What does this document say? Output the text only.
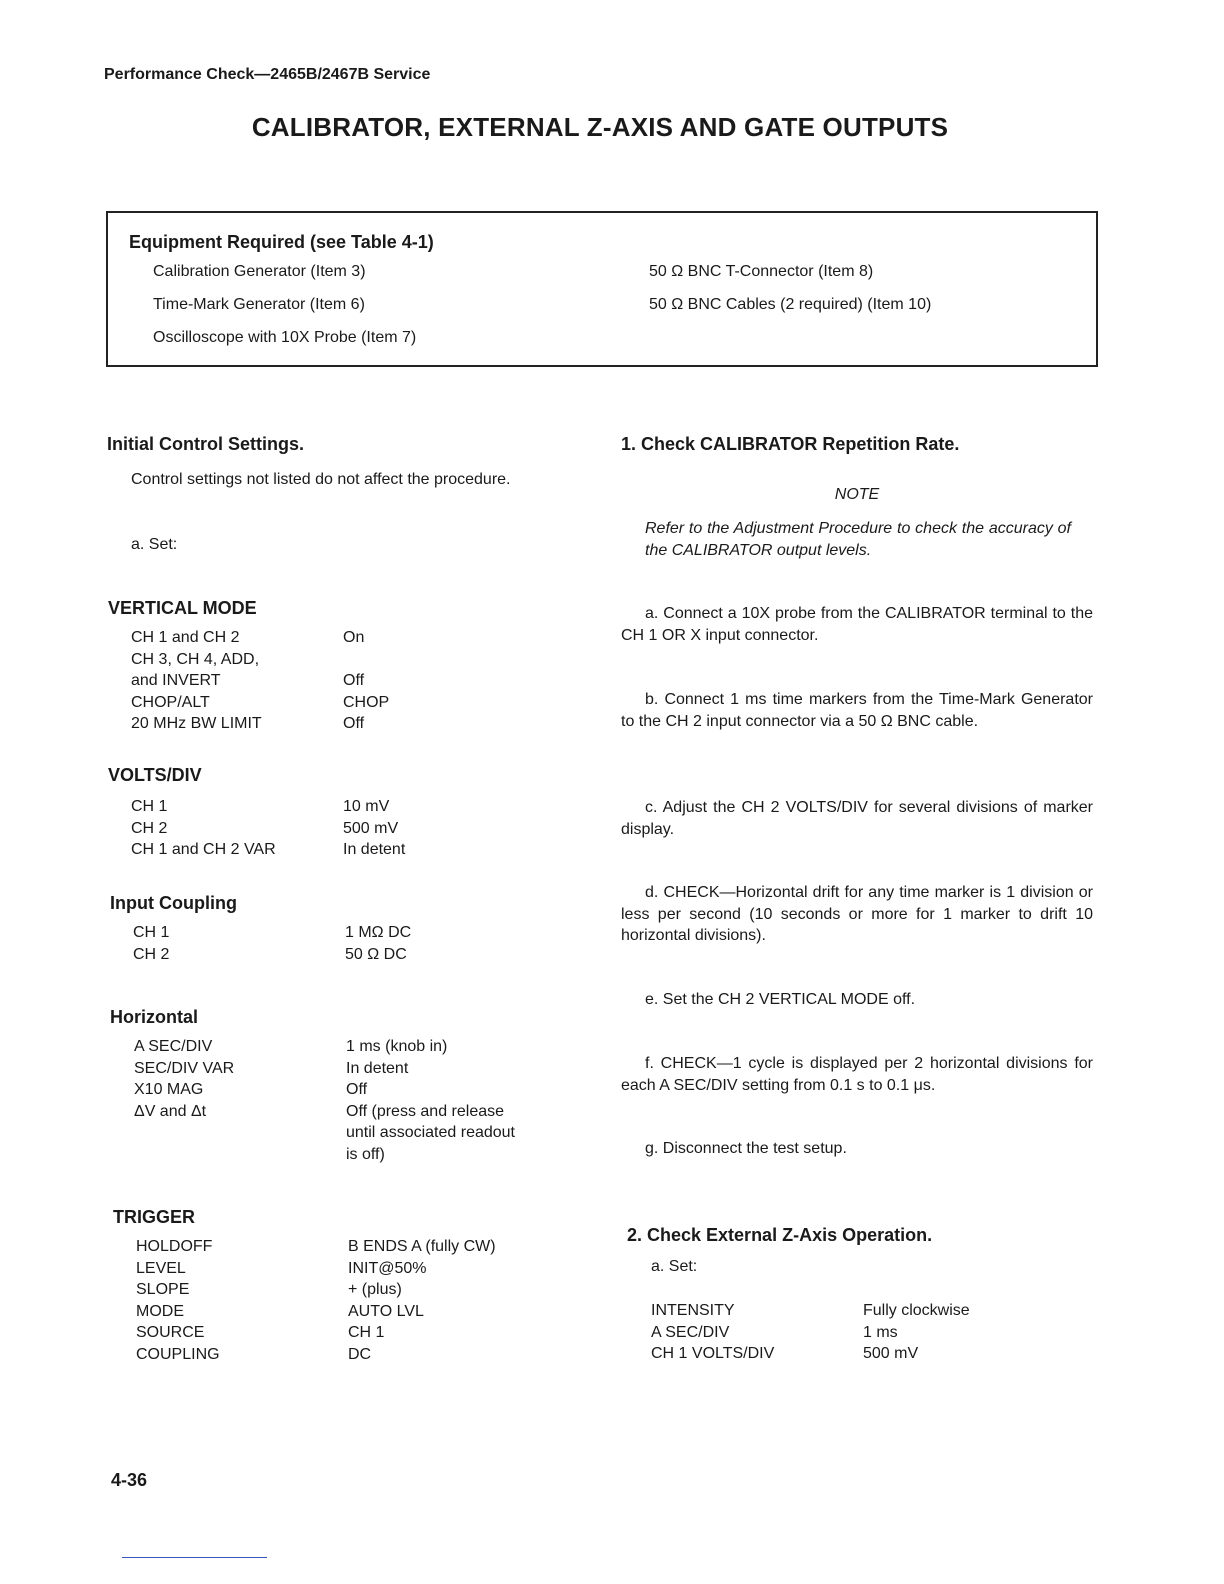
Performance Check—2465B/2467B Service
CALIBRATOR, EXTERNAL Z-AXIS AND GATE OUTPUTS
Equipment Required (see Table 4-1)
Calibration Generator (Item 3)
Time-Mark Generator (Item 6)
Oscilloscope with 10X Probe (Item 7)
50 Ω BNC T-Connector (Item 8)
50 Ω BNC Cables (2 required) (Item 10)
Initial Control Settings.
Control settings not listed do not affect the procedure.
a. Set:
VERTICAL MODE
CH 1 and CH 2	On
CH 3, CH 4, ADD,
and INVERT	Off
CHOP/ALT	CHOP
20 MHz BW LIMIT	Off
VOLTS/DIV
CH 1	10 mV
CH 2	500 mV
CH 1 and CH 2 VAR	In detent
Input Coupling
CH 1	1 MΩ DC
CH 2	50 Ω DC
Horizontal
A SEC/DIV	1 ms (knob in)
SEC/DIV VAR	In detent
X10 MAG	Off
ΔV and Δt	Off (press and release
until associated readout
is off)
TRIGGER
HOLDOFF	B ENDS A (fully CW)
LEVEL	INIT@50%
SLOPE	+ (plus)
MODE	AUTO LVL
SOURCE	CH 1
COUPLING	DC
1. Check CALIBRATOR Repetition Rate.
NOTE
Refer to the Adjustment Procedure to check the accuracy of the CALIBRATOR output levels.
a. Connect a 10X probe from the CALIBRATOR terminal to the CH 1 OR X input connector.
b. Connect 1 ms time markers from the Time-Mark Generator to the CH 2 input connector via a 50 Ω BNC cable.
c. Adjust the CH 2 VOLTS/DIV for several divisions of marker display.
d. CHECK—Horizontal drift for any time marker is 1 division or less per second (10 seconds or more for 1 marker to drift 10 horizontal divisions).
e. Set the CH 2 VERTICAL MODE off.
f. CHECK—1 cycle is displayed per 2 horizontal divisions for each A SEC/DIV setting from 0.1 s to 0.1 μs.
g. Disconnect the test setup.
2. Check External Z-Axis Operation.
a. Set:
INTENSITY	Fully clockwise
A SEC/DIV	1 ms
CH 1 VOLTS/DIV	500 mV
4-36
